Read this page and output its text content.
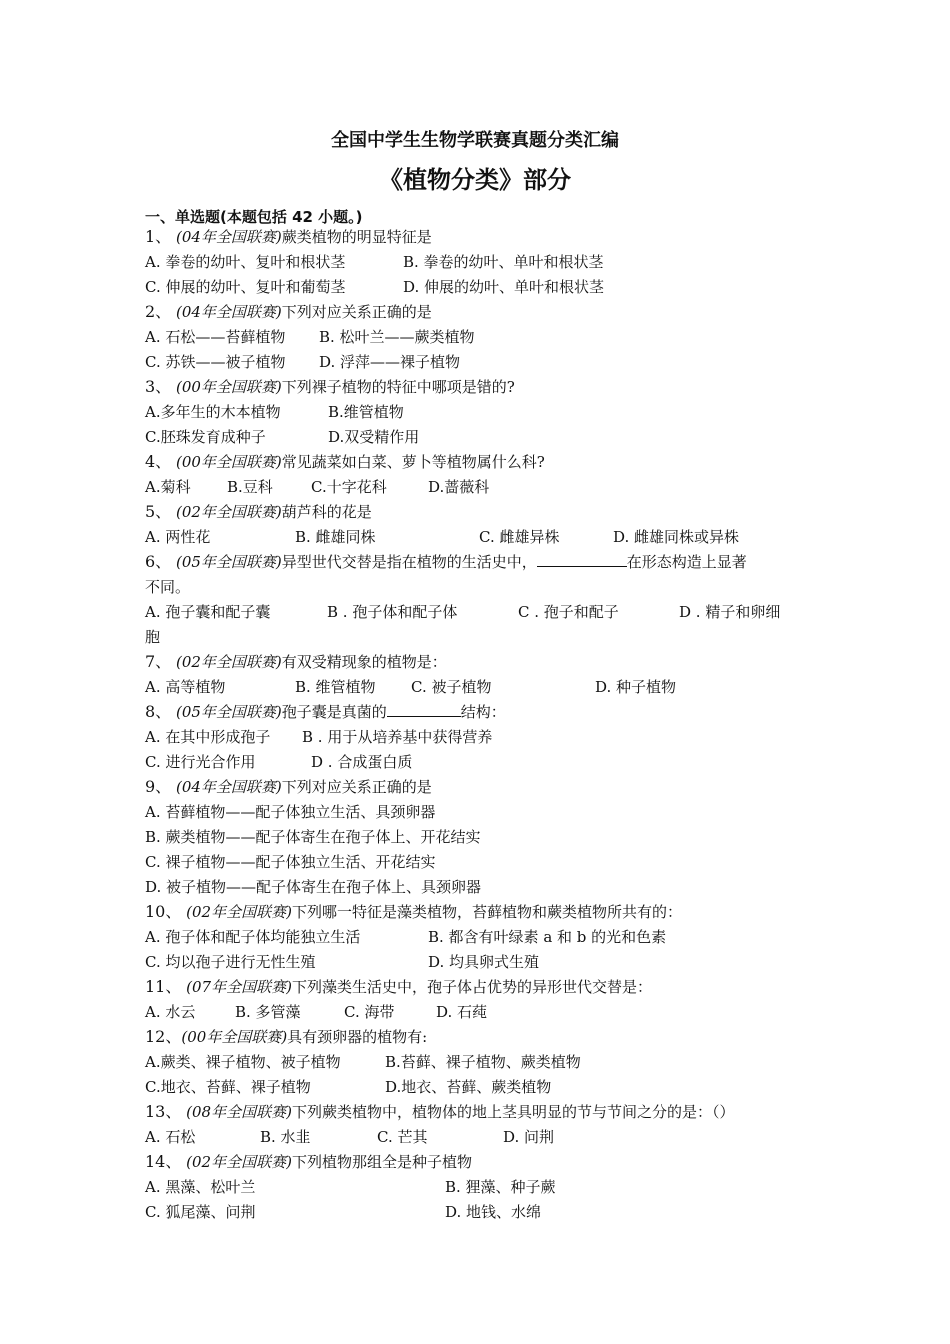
全国中学生生物学联赛真题分类汇编
《植物分类》部分
一、单选题(本题包括 42 小题。)
1、 (04年全国联赛)蕨类植物的明显特征是
A. 拳卷的幼叶、复叶和根状茎	B. 拳卷的幼叶、单叶和根状茎
C. 伸展的幼叶、复叶和葡萄茎	D. 伸展的幼叶、单叶和根状茎
2、 (04年全国联赛)下列对应关系正确的是
A. 石松——苔藓植物 B. 松叶兰——蕨类植物
C. 苏铁——被子植物 D. 浮萍——裸子植物
3、 (00年全国联赛)下列裸子植物的特征中哪项是错的?
A.多年生的木本植物	B.维管植物
C.胚珠发育成种子	D.双受精作用
4、 (00年全国联赛)常见蔬菜如白菜、萝卜等植物属什么科?
A.菊科 B.豆科	C.十字花科	D.蔷薇科
5、 (02年全国联赛)葫芦科的花是
A. 两性花	B. 雌雄同株	C. 雌雄异株	D. 雌雄同株或异株
6、 (05年全国联赛)异型世代交替是指在植物的生活史中，	在形态构造上显著
不同。
A. 孢子囊和配子囊	B . 孢子体和配子体	C . 孢子和配子	D . 精子和卵细
胞
7、 (02年全国联赛)有双受精现象的植物是：
A. 高等植物	B. 维管植物 C. 被子植物	D. 种子植物
8、 (05年全国联赛)孢子囊是真菌的	结构：
A. 在其中形成孢子 B . 用于从培养基中获得营养
C. 进行光合作用	D . 合成蛋白质
9、 (04年全国联赛)下列对应关系正确的是
A. 苔藓植物——配子体独立生活、具颈卵器
B. 蕨类植物——配子体寄生在孢子体上、开花结实
C. 裸子植物——配子体独立生活、开花结实
D. 被子植物——配子体寄生在孢子体上、具颈卵器
10、 (02年全国联赛)下列哪一特征是藻类植物，苔藓植物和蕨类植物所共有的：
A. 孢子体和配子体均能独立生活	B. 都含有叶绿素 a 和 b 的光和色素
C. 均以孢子进行无性生殖	D. 均具卵式生殖
11、 (07年全国联赛)下列藻类生活史中，孢子体占优势的异形世代交替是：
A. 水云	B. 多管藻	C. 海带	D. 石莼
12、(00年全国联赛)具有颈卵器的植物有:
A.蕨类、裸子植物、被子植物	B.苔藓、裸子植物、蕨类植物
C.地衣、苔藓、裸子植物	D.地衣、苔藓、蕨类植物
13、 (08年全国联赛)下列蕨类植物中，植物体的地上茎具明显的节与节间之分的是：（）
A. 石松	B. 水韭	C. 芒其	D. 问荆
14、 (02年全国联赛)下列植物那组全是种子植物
A. 黑藻、松叶兰	B. 狸藻、种子蕨
C. 狐尾藻、问荆	D. 地钱、水绵
